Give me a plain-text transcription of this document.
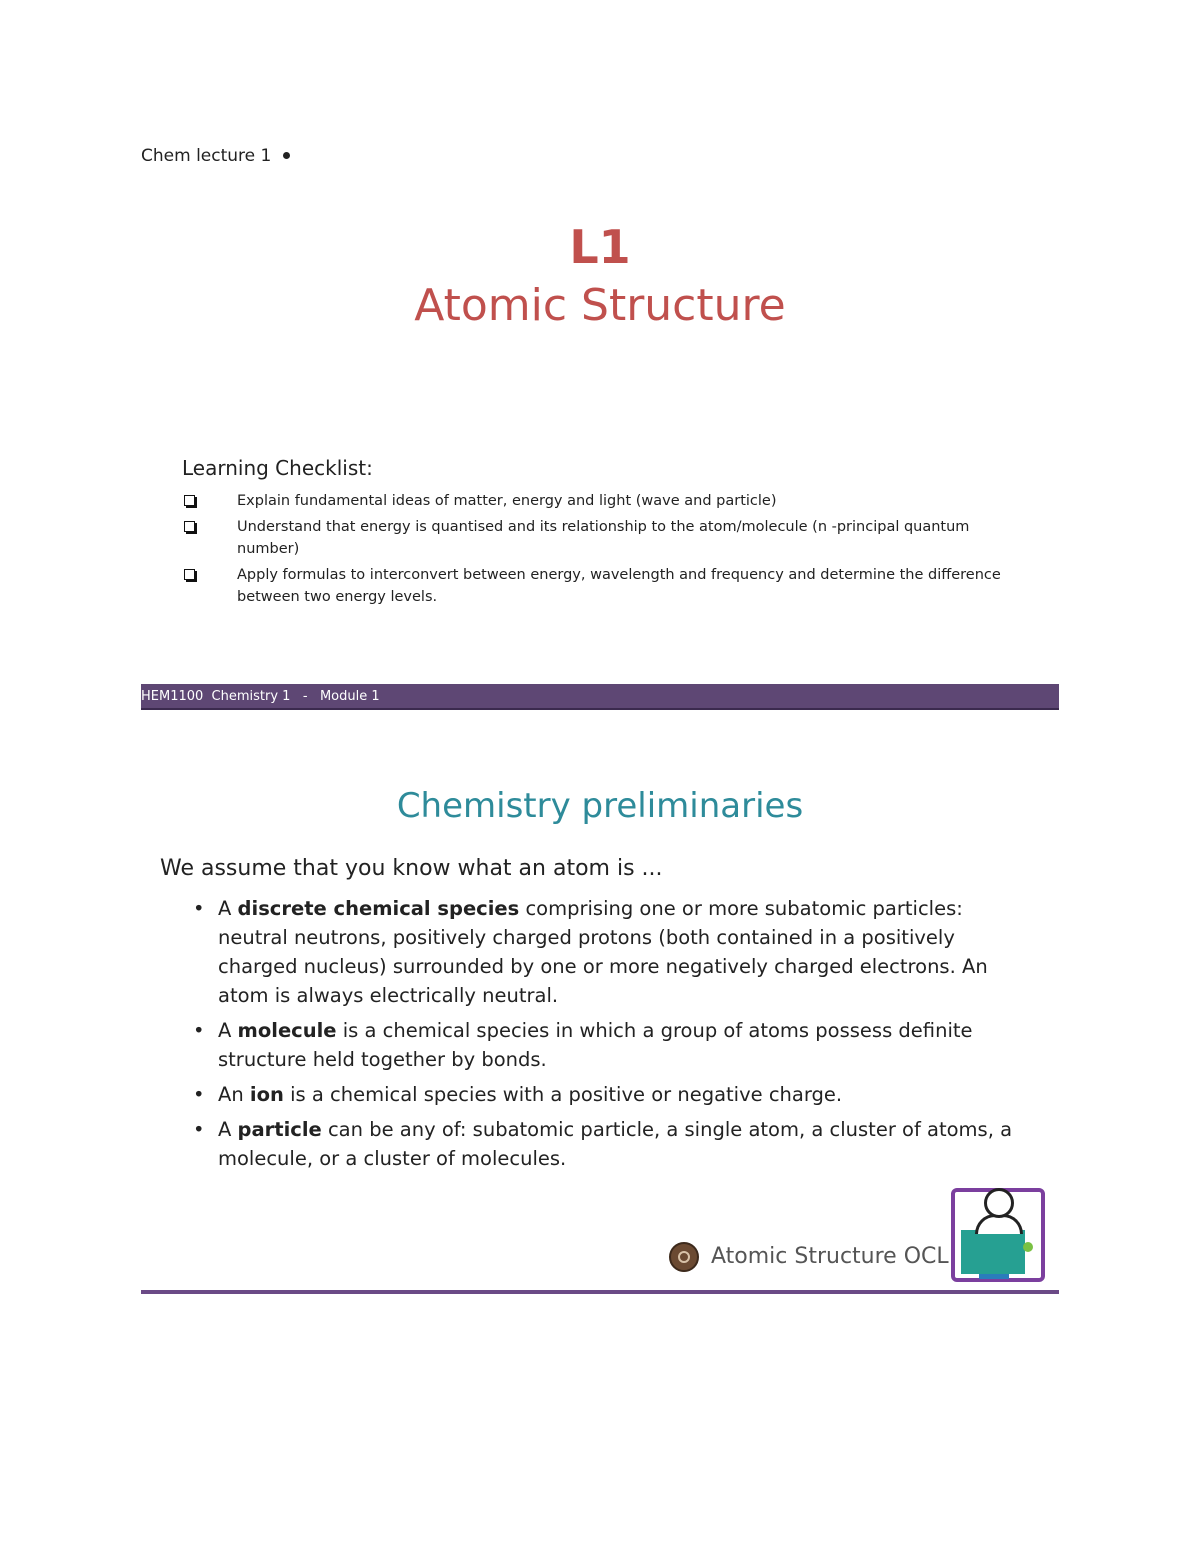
Chem lecture 1
L1
Atomic Structure
Learning Checklist:
Explain fundamental ideas of matter, energy and light (wave and particle)
Understand that energy is quantised and its relationship to the atom/molecule (n -principal quantum number)
Apply formulas to interconvert between energy, wavelength and frequency and determine the difference between two energy levels.
HEM1100  Chemistry 1   -   Module 1
Chemistry preliminaries
We assume that you know what an atom is ...
• A discrete chemical species comprising one or more subatomic particles: neutral neutrons, positively charged protons (both contained in a positively charged nucleus) surrounded by one or more negatively charged electrons. An atom is always electrically neutral.
• A molecule is a chemical species in which a group of atoms possess definite structure held together by bonds.
• An ion is a chemical species with a positive or negative charge.
• A particle can be any of: subatomic particle, a single atom, a cluster of atoms, a molecule, or a cluster of molecules.
Atomic Structure OCL
